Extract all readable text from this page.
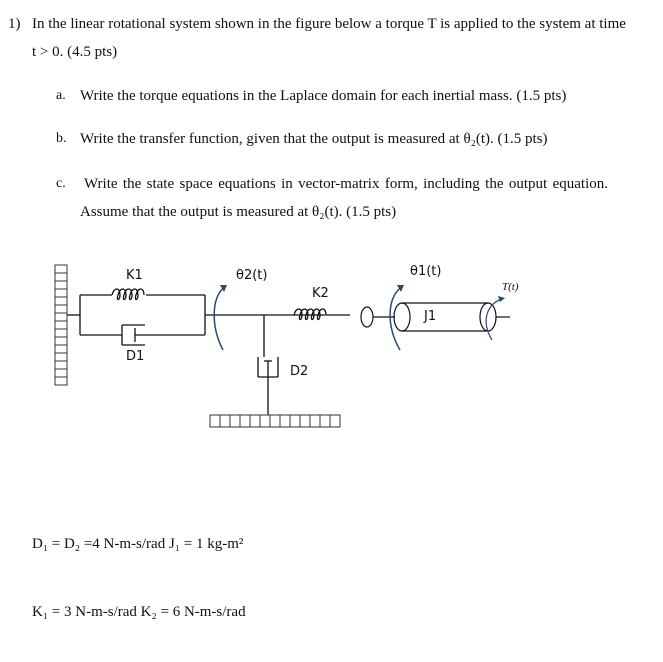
1) In the linear rotational system shown in the figure below a torque T is applied to the system at time
t > 0. (4.5 pts)
a. Write the torque equations in the Laplace domain for each inertial mass. (1.5 pts)
b. Write the transfer function, given that the output is measured at θ₂(t). (1.5 pts)
c. Write the state space equations in vector-matrix form, including the output equation.
Assume that the output is measured at θ₂(t). (1.5 pts)
K1
D1
θ2(t)
K2
D2
θ1(t)
J1
T(t)
D₁ = D₂ =4 N-m-s/rad J₁ = 1 kg-m²
K₁ = 3 N-m-s/rad K₂ = 6 N-m-s/rad
